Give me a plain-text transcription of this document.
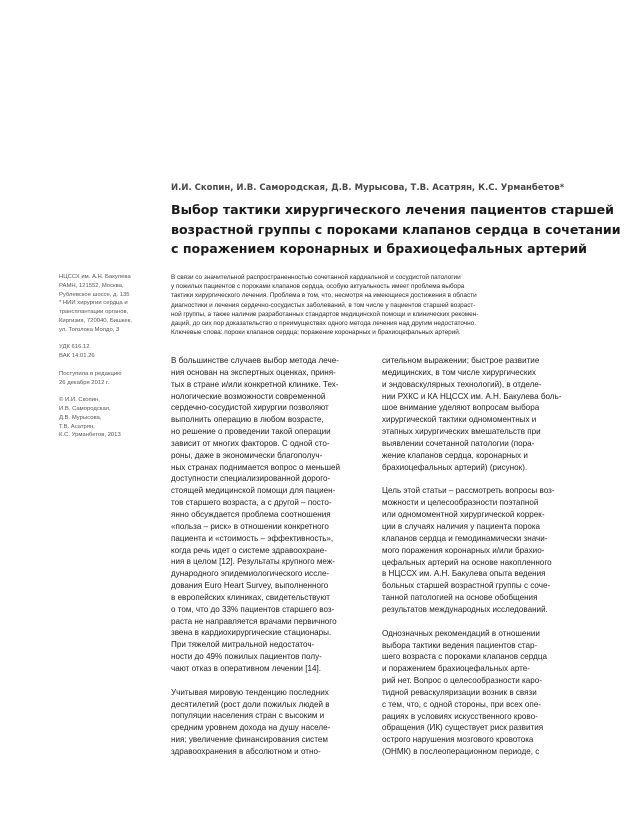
И.И. Скопин, И.В. Самородская, Д.В. Мурысова, Т.В. Асатрян, К.С. Урманбетов*
Выбор тактики хирургического лечения пациентов старшей
возрастной группы с пороками клапанов сердца в сочетании
с поражением коронарных и брахиоцефальных артерий
НЦССХ им. А.Н. Бакулева
РАМН, 121552, Москва,
Рублевское шоссе, д. 135
* НИИ хирургии сердца и
трансплантации органов,
Киргизия, 720040, Бишкек,
ул. Тоголока Молдо, 3
УДК 616.12
ВАК 14.01.26
Поступила в редакцию
26 декабря 2012 г.
© И.И. Скопин,
И.В. Самородская,
Д.В. Мурысова,
Т.В. Асатрян,
К.С. Урманбетов, 2013
В связи со значительной распространенностью сочетанной кардиальной и сосудистой патологии
у пожилых пациентов с пороками клапанов сердца, особую актуальность имеет проблема выбора
тактики хирургического лечения. Проблема в том, что, несмотря на имеющиеся достижения в области
диагностики и лечения сердечно-сосудистых заболеваний, в том числе у пациентов старшей возраст-
ной группы, а также наличие разработанных стандартов медицинской помощи и клинических рекомен-
даций, до сих пор доказательство о преимуществах одного метода лечения над другим недостаточно.
Ключевые слова: пороки клапанов сердца; поражение коронарных и брахиоцефальных артерий.
В большинстве случаев выбор метода лече-
ния основан на экспертных оценках, приня-
тых в стране и/или конкретной клинике. Тех-
нологические возможности современной
сердечно-сосудистой хирургии позволяют
выполнить операцию в любом возрасте,
но решение о проведении такой операции
зависит от многих факторов. С одной сто-
роны, даже в экономически благополуч-
ных странах поднимается вопрос о меньшей
доступности специализированной дорого-
стоящей медицинской помощи для пациен-
тов старшего возраста, а с другой – посто-
янно обсуждается проблема соотношения
«польза – риск» в отношении конкретного
пациента и «стоимость – эффективность»,
когда речь идет о системе здравоохране-
ния в целом [12]. Результаты крупного меж-
дународного эпидемиологического иссле-
дования Euro Heart Survey, выполненного
в европейских клиниках, свидетельствуют
о том, что до 33% пациентов старшего воз-
раста не направляется врачами первичного
звена в кардиохирургические стационары.
При тяжелой митральной недостаточ-
ности до 49% пожилых пациентов полу-
чают отказ в оперативном лечении [14].
Учитывая мировую тенденцию последних
десятилетий (рост доли пожилых людей в
популяции населения стран с высоким и
средним уровнем дохода на душу населе-
ния; увеличение финансирования систем
здравоохранения в абсолютном и отно-
сительном выражении; быстрое развитие
медицинских, в том числе хирургических
и эндоваскулярных технологий), в отделе-
нии РХКС и КА НЦССХ им. А.Н. Бакулева боль-
шое внимание уделяют вопросам выбора
хирургической тактики одномоментных и
этапных хирургических вмешательств при
выявлении сочетанной патологии (пора-
жение клапанов сердца, коронарных и
брахиоцефальных артерий) (рисунок).
Цель этой статьи – рассмотреть вопросы воз-
можности и целесообразности поэтапной
или одномоментной хирургической коррек-
ции в случаях наличия у пациента порока
клапанов сердца и гемодинамически значи-
мого поражения коронарных и/или брахио-
цефальных артерий на основе накопленного
в НЦССХ им. А.Н. Бакулева опыта ведения
больных старшей возрастной группы с соче-
танной патологией на основе обобщения
результатов международных исследований.
Однозначных рекомендаций в отношении
выбора тактики ведения пациентов стар-
шего возраста с пороками клапанов сердца
и поражением брахиоцефальных арте-
рий нет. Вопрос о целесообразности каро-
тидной реваскуляризации возник в связи
с тем, что, с одной стороны, при всех опе-
рациях в условиях искусственного крово-
обращения (ИК) существует риск развития
острого нарушения мозгового кровотока
(ОНМК) в послеоперационном периоде, с
